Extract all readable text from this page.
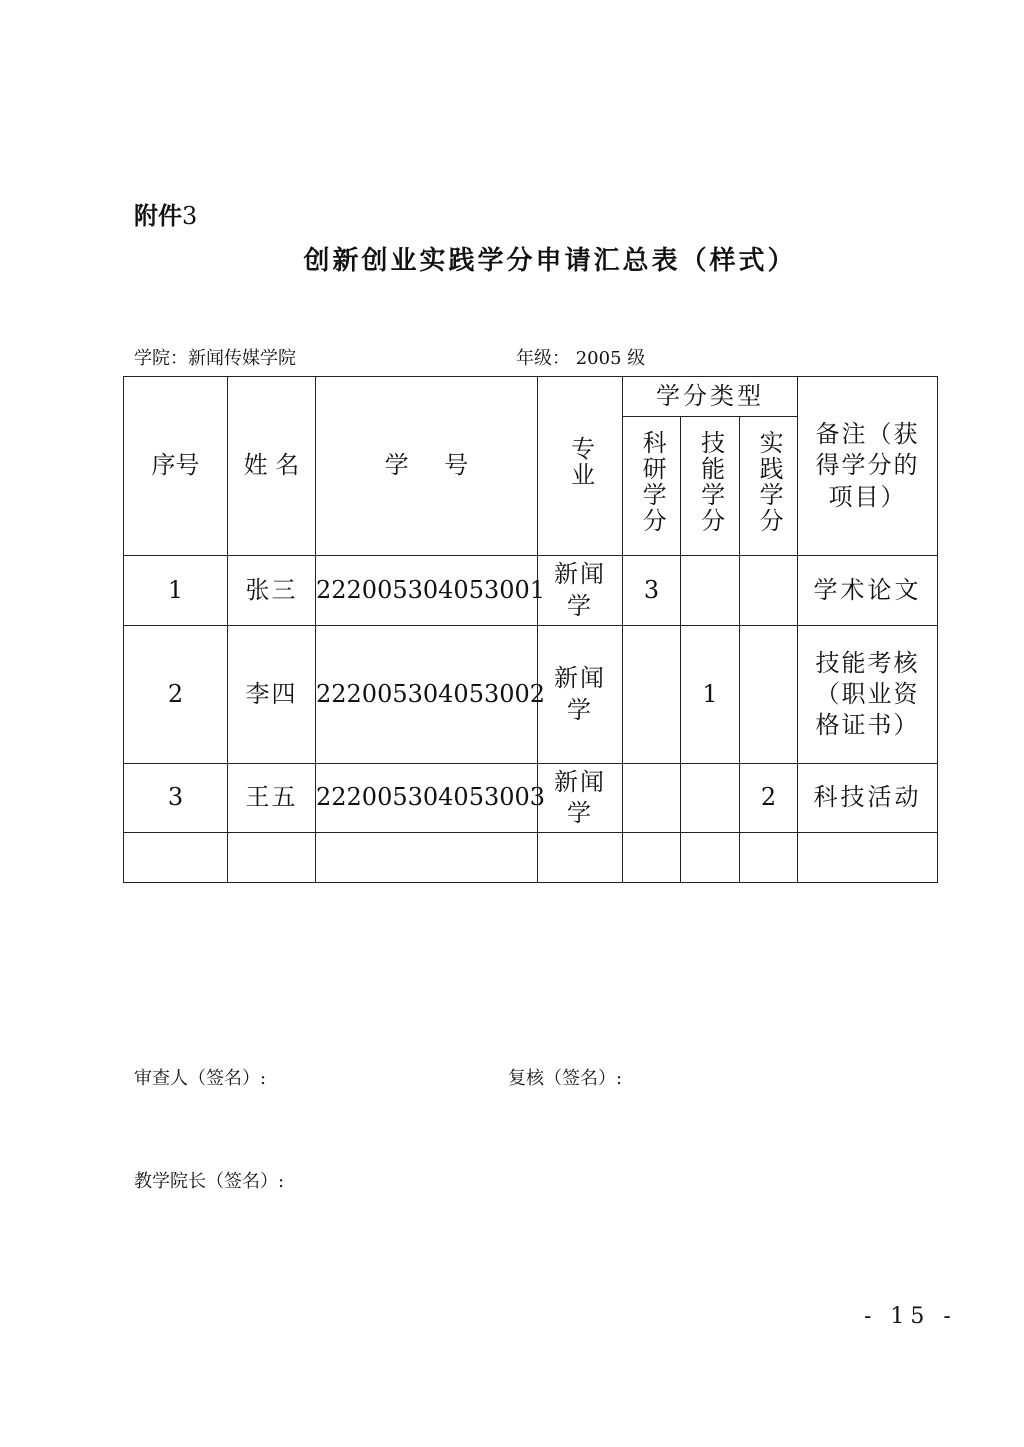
附件3
创新创业实践学分申请汇总表（样式）
学院：新闻传媒学院	年级： 2005 级
序号	姓 名	学 号	专业	学分类型			备注（获得学分的项目）
				科研学分	技能学分	实践学分	
1	张三	222005304053001	新闻学	3			学术论文
2	李四	222005304053002	新闻学		1		技能考核（职业资格证书）
3	王五	222005304053003	新闻学			2	科技活动

审查人（签名）:	复核（签名）:
教学院长（签名）:
- 15 -
